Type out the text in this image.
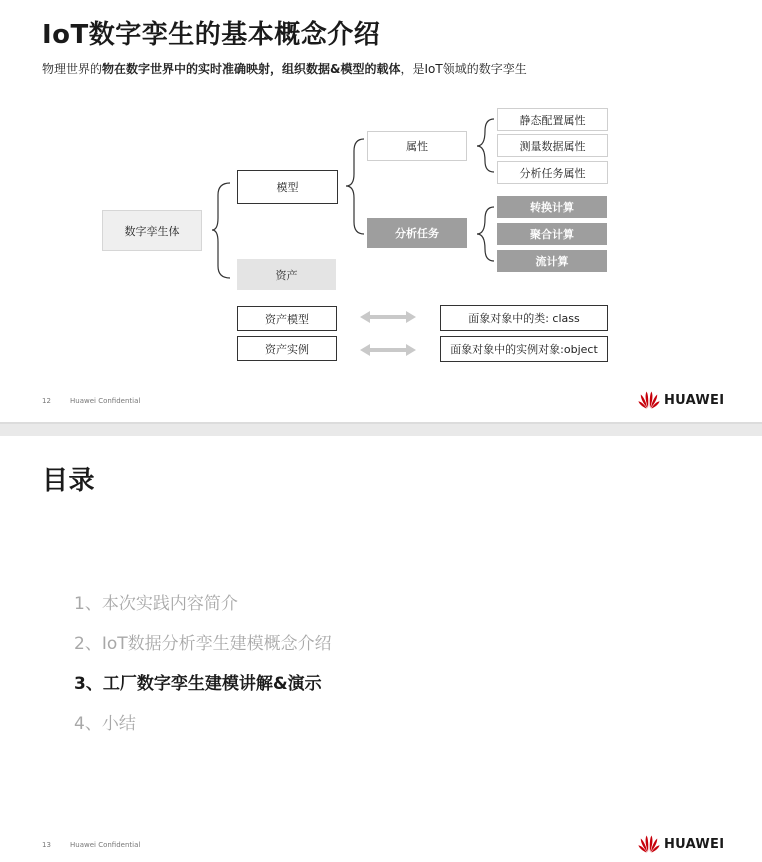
IoT数字孪生的基本概念介绍
物理世界的物在数字世界中的实时准确映射，组织数据&模型的载体，是IoT领域的数字孪生
数字孪生体
模型
资产
属性
分析任务
静态配置属性
测量数据属性
分析任务属性
转换计算
聚合计算
流计算
资产模型
资产实例
面象对象中的类: class
面象对象中的实例对象:object
12	Huawei Confidential	HUAWEI
目录
1、本次实践内容简介
2、IoT数据分析孪生建模概念介绍
3、工厂数字孪生建模讲解&演示
4、小结
13	Huawei Confidential	HUAWEI
